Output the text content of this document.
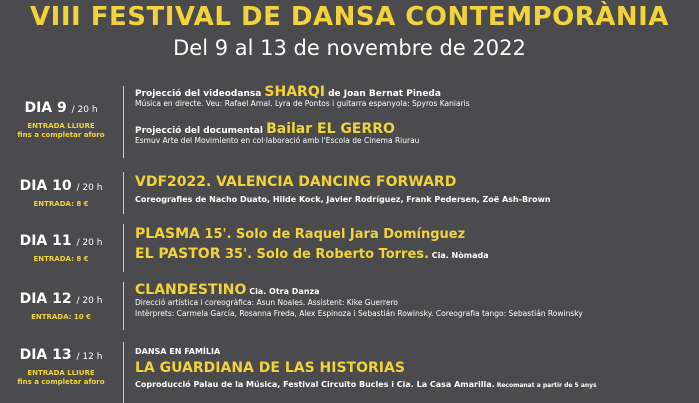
VIII FESTIVAL DE DANSA CONTEMPORÀNIA
Del 9 al 13 de novembre de 2022
DIA 9 / 20 h
ENTRADA LLIURE
fins a completar aforo
Projecció del videodansa SHARQI de Joan Bernat Pineda
Música en directe. Veu: Rafael Arnal. Lyra de Pontos i guitarra espanyola: Spyros Kaniaris
Projecció del documental Bailar EL GERRO
Esmuv Arte del Movimiento en col·laboració amb l'Escola de Cinema Riurau
DIA 10 / 20 h
ENTRADA: 8 €
VDF2022. VALENCIA DANCING FORWARD
Coreografies de Nacho Duato, Hilde Kock, Javier Rodríguez, Frank Pedersen, Zoë Ash-Brown
DIA 11 / 20 h
ENTRADA: 8 €
PLASMA 15'. Solo de Raquel Jara Domínguez
EL PASTOR 35'. Solo de Roberto Torres. Cia. Nòmada
DIA 12 / 20 h
ENTRADA: 10 €
CLANDESTINO Cia. Otra Danza
Direcció artística i coreogràfica: Asun Noales. Assistent: Kike Guerrero
Intèrprets: Carmela García, Rosanna Freda, Alex Espinoza i Sebastián Rowinsky. Coreografia tango: Sebastián Rowinsky
DIA 13 / 12 h
ENTRADA LLIURE
fins a completar aforo
DANSA EN FAMÍLIA
LA GUARDIANA DE LAS HISTORIAS
Coproducció Palau de la Música, Festival Circuito Bucles i Cia. La Casa Amarilla. Recomanat a partir de 5 anys
